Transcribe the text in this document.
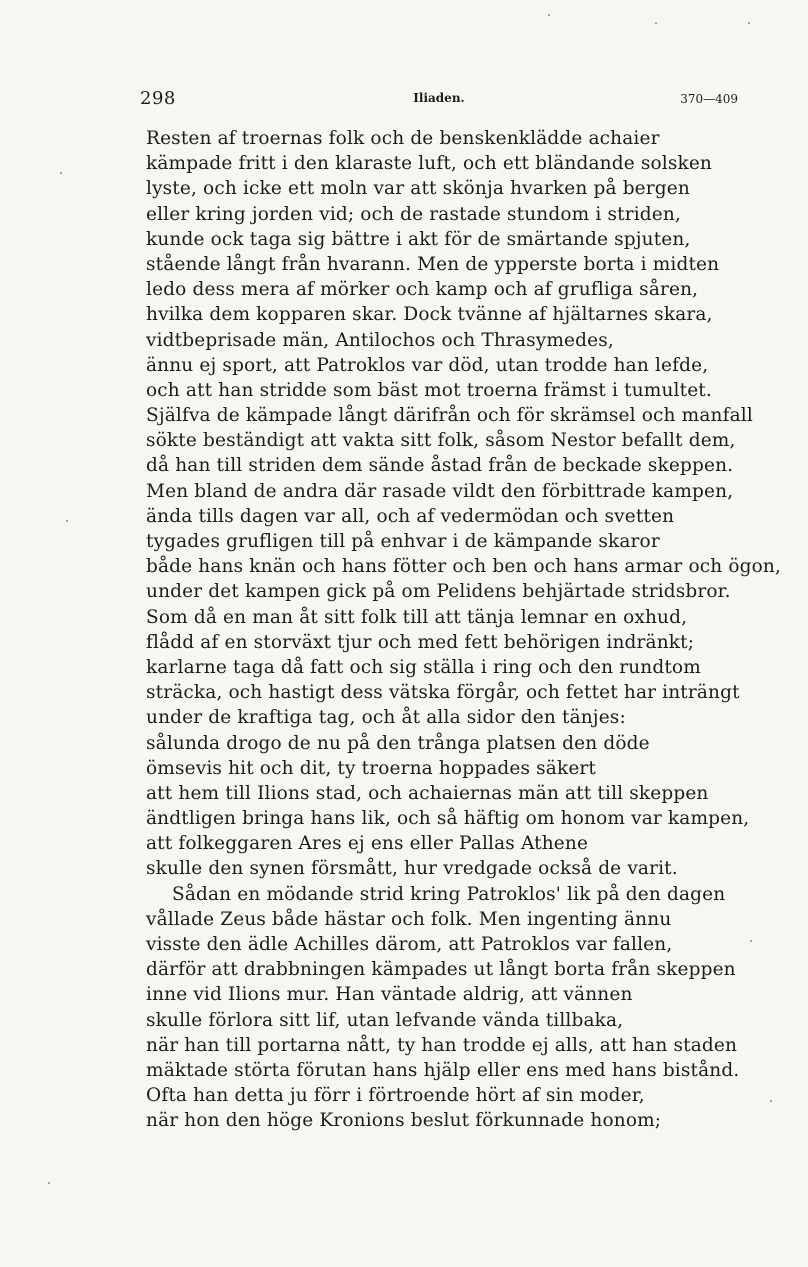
298	Iliaden.	370—409
Resten af troernas folk och de benskenklädde achaier
kämpade fritt i den klaraste luft, och ett bländande solsken
lyste, och icke ett moln var att skönja hvarken på bergen
eller kring jorden vid; och de rastade stundom i striden,
kunde ock taga sig bättre i akt för de smärtande spjuten,
stående långt från hvarann. Men de ypperste borta i midten
ledo dess mera af mörker och kamp och af grufliga såren,
hvilka dem kopparen skar. Dock tvänne af hjältarnes skara,
vidtbeprisade män, Antilochos och Thrasymedes,
ännu ej sport, att Patroklos var död, utan trodde han lefde,
och att han stridde som bäst mot troerna främst i tumultet.
Själfva de kämpade långt därifrån och för skrämsel och manfall
sökte beständigt att vakta sitt folk, såsom Nestor befallt dem,
då han till striden dem sände åstad från de beckade skeppen.
Men bland de andra där rasade vildt den förbittrade kampen,
ända tills dagen var all, och af vedermödan och svetten
tygades grufligen till på enhvar i de kämpande skaror
både hans knän och hans fötter och ben och hans armar och ögon,
under det kampen gick på om Pelidens behjärtade stridsbror.
Som då en man åt sitt folk till att tänja lemnar en oxhud,
flådd af en storväxt tjur och med fett behörigen indränkt;
karlarne taga då fatt och sig ställa i ring och den rundtom
sträcka, och hastigt dess vätska förgår, och fettet har inträngt
under de kraftiga tag, och åt alla sidor den tänjes:
sålunda drogo de nu på den trånga platsen den döde
ömsevis hit och dit, ty troerna hoppades säkert
att hem till Ilions stad, och achaiernas män att till skeppen
ändtligen bringa hans lik, och så häftig om honom var kampen,
att folkeggaren Ares ej ens eller Pallas Athene
skulle den synen försmått, hur vredgade också de varit.
Sådan en mödande strid kring Patroklos' lik på den dagen
vållade Zeus både hästar och folk. Men ingenting ännu
visste den ädle Achilles därom, att Patroklos var fallen,
därför att drabbningen kämpades ut långt borta från skeppen
inne vid Ilions mur. Han väntade aldrig, att vännen
skulle förlora sitt lif, utan lefvande vända tillbaka,
när han till portarna nått, ty han trodde ej alls, att han staden
mäktade störta förutan hans hjälp eller ens med hans bistånd.
Ofta han detta ju förr i förtroende hört af sin moder,
när hon den höge Kronions beslut förkunnade honom;
